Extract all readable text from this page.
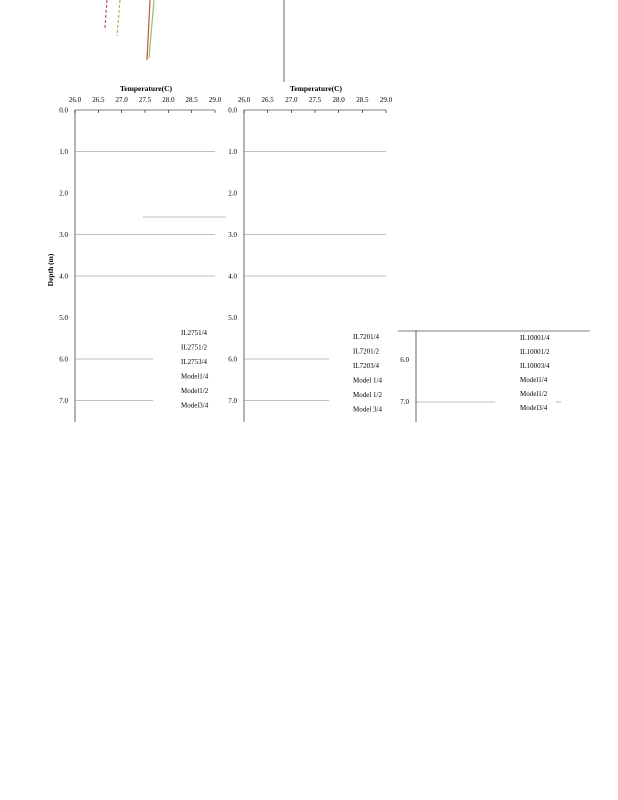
Temperature(C)
Depth (m)
26.0 26.5 27.0 27.5 28.0 28.5 29.0
0.0
1.0
2.0
3.0
4.0
5.0
6.0
7.0
IL2751/4
IL2751/2
IL2753/4
Model1/4
Model1/2
Model3/4
Temperature(C)
26.0 26.5 27.0 27.5 28.0 28.5 29.0
0.0
1.0
2.0
3.0
4.0
5.0
6.0
7.0
IL7201/4
IL7201/2
IL7203/4
Model 1/4
Model 1/2
Model 3/4
6.0
7.0
IL10001/4
IL10001/2
IL10003/4
Model1/4
Model1/2
Model3/4
